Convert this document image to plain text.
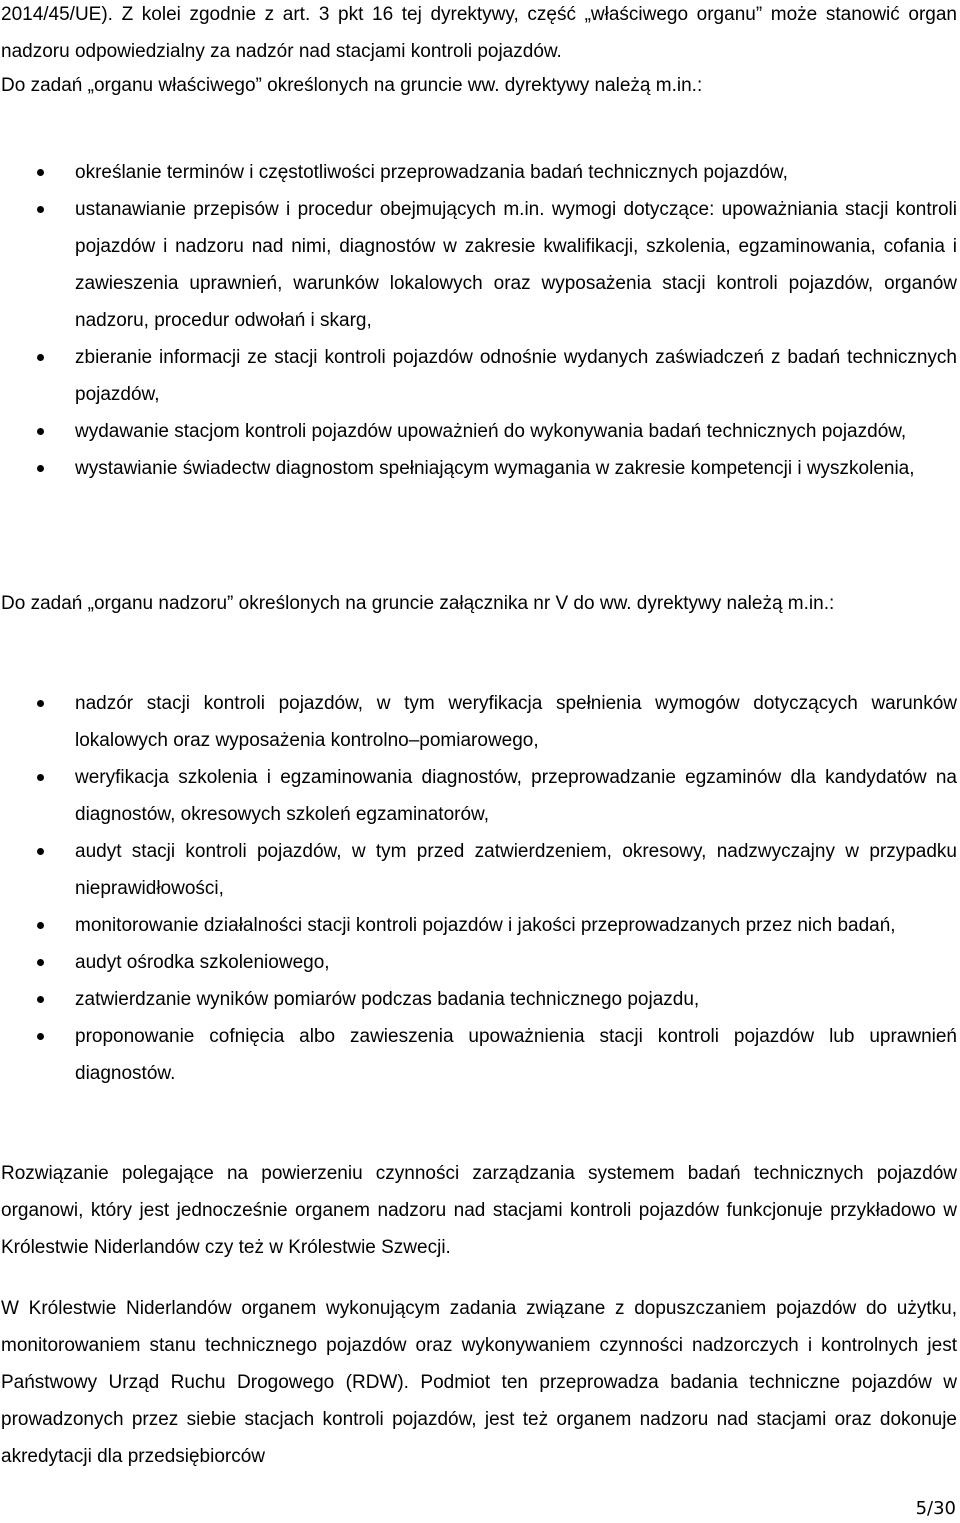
2014/45/UE). Z kolei zgodnie z art. 3 pkt 16 tej dyrektywy, część „właściwego organu” może stanowić organ nadzoru odpowiedzialny za nadzór nad stacjami kontroli pojazdów.

Do zadań „organu właściwego” określonych na gruncie ww. dyrektywy należą m.in.:

określanie terminów i częstotliwości przeprowadzania badań technicznych pojazdów,
ustanawianie przepisów i procedur obejmujących m.in. wymogi dotyczące: upoważniania stacji kontroli pojazdów i nadzoru nad nimi, diagnostów w zakresie kwalifikacji, szkolenia, egzaminowania, cofania i zawieszenia uprawnień, warunków lokalowych oraz wyposażenia stacji kontroli pojazdów, organów nadzoru, procedur odwołań i skarg,
zbieranie informacji ze stacji kontroli pojazdów odnośnie wydanych zaświadczeń z badań technicznych pojazdów,
wydawanie stacjom kontroli pojazdów upoważnień do wykonywania badań technicznych pojazdów,
wystawianie świadectw diagnostom spełniającym wymagania w zakresie kompetencji i wyszkolenia,

Do zadań „organu nadzoru” określonych na gruncie załącznika nr V do ww. dyrektywy należą m.in.:

nadzór stacji kontroli pojazdów, w tym weryfikacja spełnienia wymogów dotyczących warunków lokalowych oraz wyposażenia kontrolno–pomiarowego,
weryfikacja szkolenia i egzaminowania diagnostów, przeprowadzanie egzaminów dla kandydatów na diagnostów, okresowych szkoleń egzaminatorów,
audyt stacji kontroli pojazdów, w tym przed zatwierdzeniem, okresowy, nadzwyczajny w przypadku nieprawidłowości,
monitorowanie działalności stacji kontroli pojazdów i jakości przeprowadzanych przez nich badań,
audyt ośrodka szkoleniowego,
zatwierdzanie wyników pomiarów podczas badania technicznego pojazdu,
proponowanie cofnięcia albo zawieszenia upoważnienia stacji kontroli pojazdów lub uprawnień diagnostów.

Rozwiązanie polegające na powierzeniu czynności zarządzania systemem badań technicznych pojazdów organowi, który jest jednocześnie organem nadzoru nad stacjami kontroli pojazdów funkcjonuje przykładowo w Królestwie Niderlandów czy też w Królestwie Szwecji.

W Królestwie Niderlandów organem wykonującym zadania związane z dopuszczaniem pojazdów do użytku, monitorowaniem stanu technicznego pojazdów oraz wykonywaniem czynności nadzorczych i kontrolnych jest Państwowy Urząd Ruchu Drogowego (RDW). Podmiot ten przeprowadza badania techniczne pojazdów w prowadzonych przez siebie stacjach kontroli pojazdów, jest też organem nadzoru nad stacjami oraz dokonuje akredytacji dla przedsiębiorców

5/30
